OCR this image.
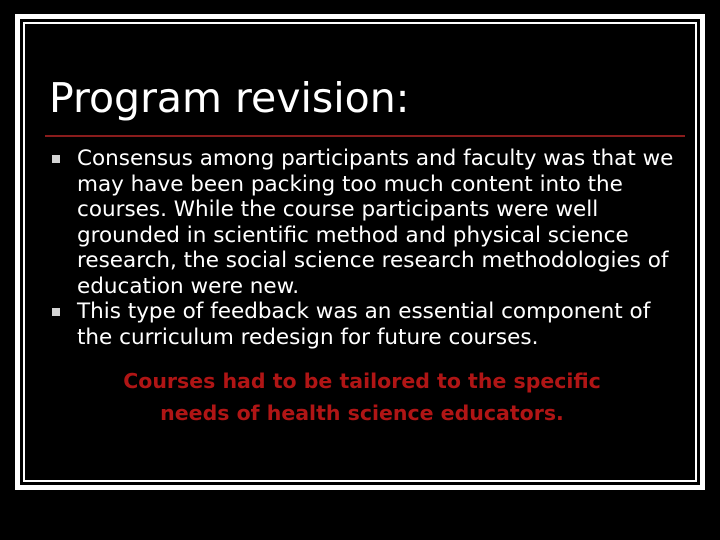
Program revision:
Consensus among participants and faculty was that we may have been packing too much content into the courses. While the course participants were well grounded in scientific method and physical science research, the social science research methodologies of education were new.
This type of feedback was an essential component of the curriculum redesign for future courses.
Courses had to be tailored to the specific
needs of health science educators.
